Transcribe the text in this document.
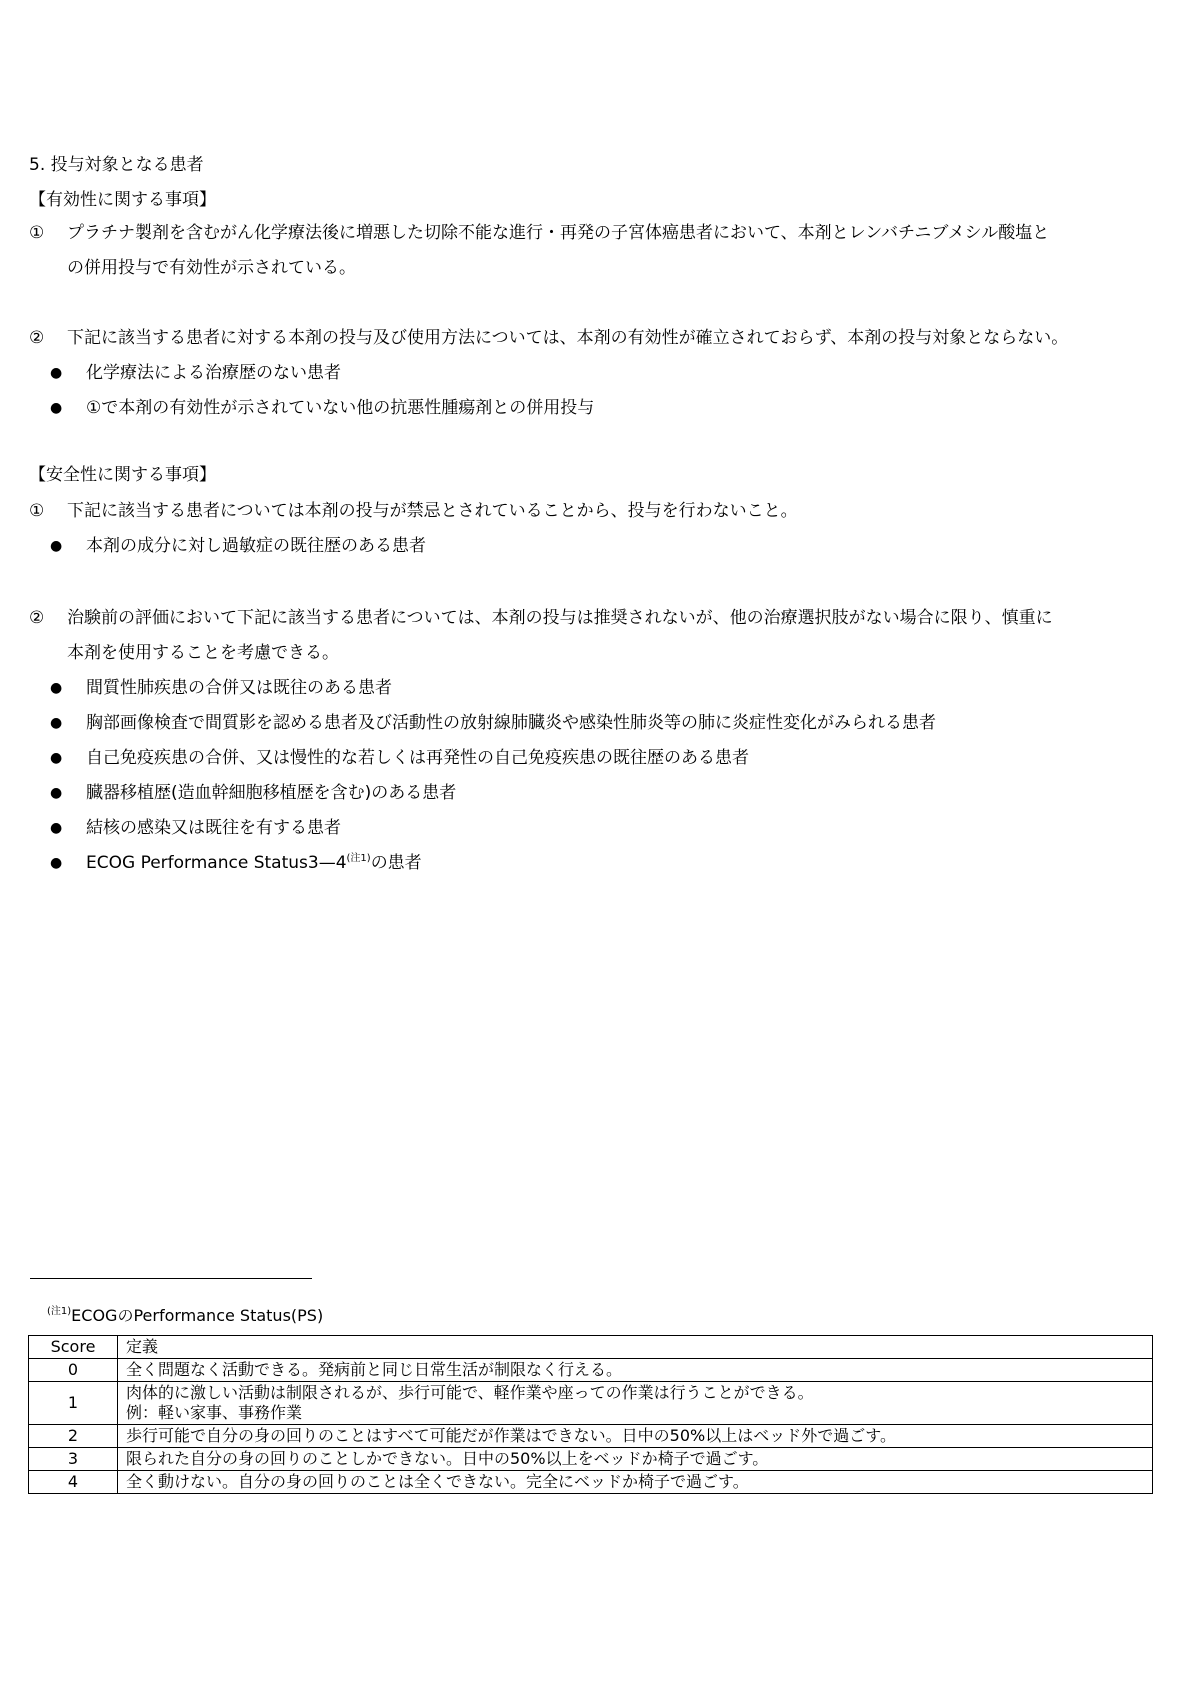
5. 投与対象となる患者
【有効性に関する事項】
① プラチナ製剤を含むがん化学療法後に増悪した切除不能な進行・再発の子宮体癌患者において、本剤とレンバチニブメシル酸塩と
の併用投与で有効性が示されている。
② 下記に該当する患者に対する本剤の投与及び使用方法については、本剤の有効性が確立されておらず、本剤の投与対象とならない。
● 化学療法による治療歴のない患者
● ①で本剤の有効性が示されていない他の抗悪性腫瘍剤との併用投与
【安全性に関する事項】
① 下記に該当する患者については本剤の投与が禁忌とされていることから、投与を行わないこと。
● 本剤の成分に対し過敏症の既往歴のある患者
② 治験前の評価において下記に該当する患者については、本剤の投与は推奨されないが、他の治療選択肢がない場合に限り、慎重に
本剤を使用することを考慮できる。
● 間質性肺疾患の合併又は既往のある患者
● 胸部画像検査で間質影を認める患者及び活動性の放射線肺臓炎や感染性肺炎等の肺に炎症性変化がみられる患者
● 自己免疫疾患の合併、又は慢性的な若しくは再発性の自己免疫疾患の既往歴のある患者
● 臓器移植歴(造血幹細胞移植歴を含む)のある患者
● 結核の感染又は既往を有する患者
● ECOG Performance $Status3—4^{(注1)}$の患者
$^{(注1)}$ECOGのPerformance Status(PS)
Score	定義
0	全く問題なく活動できる。発病前と同じ日常生活が制限なく行える。
1	肉体的に激しい活動は制限されるが、歩行可能で、軽作業や座っての作業は行うことができる。
例：軽い家事、事務作業

2	歩行可能で自分の身の回りのことはすべて可能だが作業はできない。日中の50%以上はベッド外で過ごす。
3	限られた自分の身の回りのことしかできない。日中の50%以上をベッドか椅子で過ごす。
4	全く動けない。自分の身の回りのことは全くできない。完全にベッドか椅子で過ごす。
